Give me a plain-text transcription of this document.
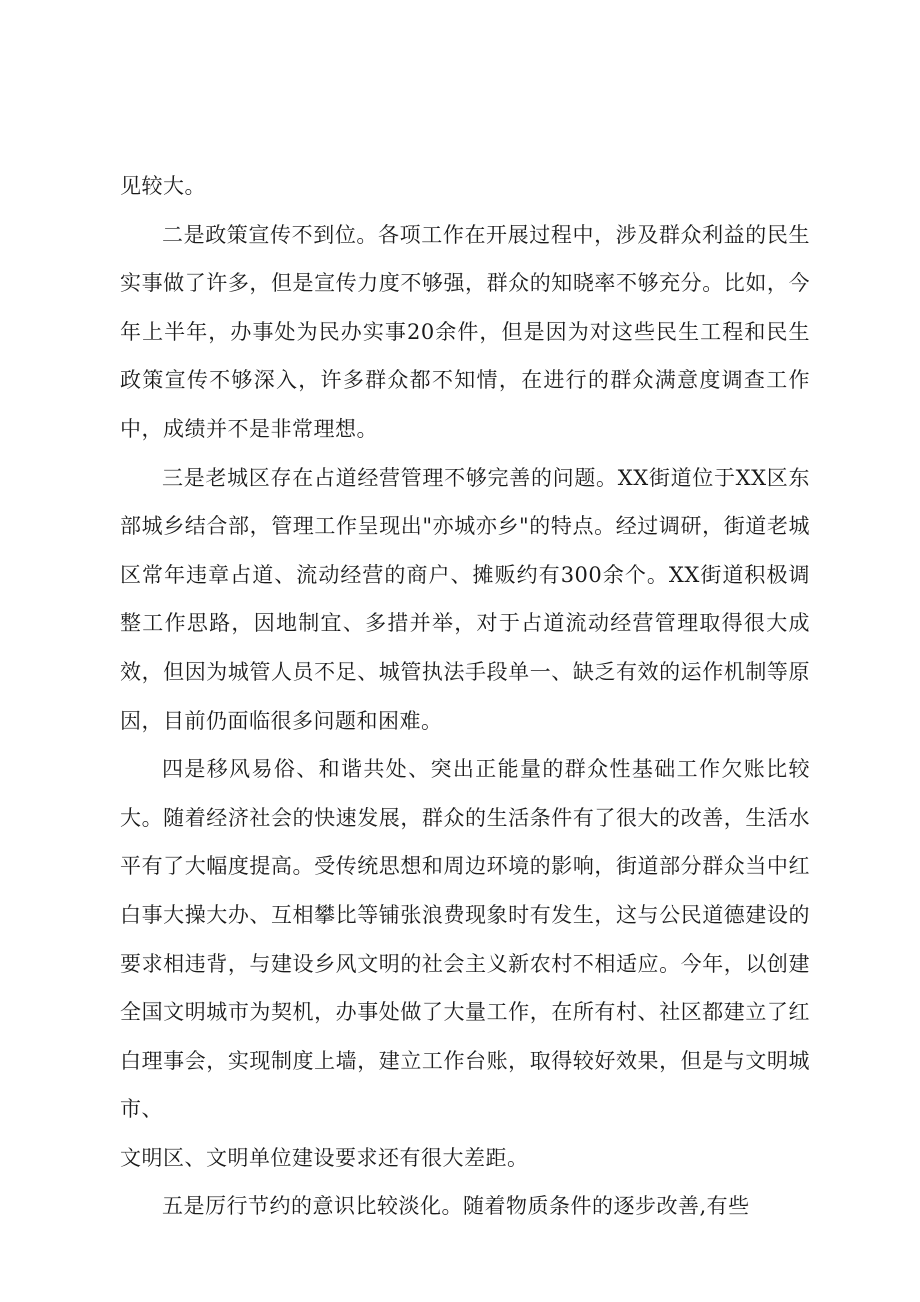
见较大。

二是政策宣传不到位。各项工作在开展过程中，涉及群众利益的民生实事做了许多，但是宣传力度不够强，群众的知晓率不够充分。比如，今年上半年，办事处为民办实事20余件，但是因为对这些民生工程和民生政策宣传不够深入，许多群众都不知情，在进行的群众满意度调查工作中，成绩并不是非常理想。

三是老城区存在占道经营管理不够完善的问题。XX街道位于XX区东部城乡结合部，管理工作呈现出"亦城亦乡"的特点。经过调研，街道老城区常年违章占道、流动经营的商户、摊贩约有300余个。XX街道积极调整工作思路，因地制宜、多措并举，对于占道流动经营管理取得很大成效，但因为城管人员不足、城管执法手段单一、缺乏有效的运作机制等原因，目前仍面临很多问题和困难。

四是移风易俗、和谐共处、突出正能量的群众性基础工作欠账比较大。随着经济社会的快速发展，群众的生活条件有了很大的改善，生活水平有了大幅度提高。受传统思想和周边环境的影响，街道部分群众当中红白事大操大办、互相攀比等铺张浪费现象时有发生，这与公民道德建设的要求相违背，与建设乡风文明的社会主义新农村不相适应。今年，以创建全国文明城市为契机，办事处做了大量工作，在所有村、社区都建立了红白理事会，实现制度上墙，建立工作台账，取得较好效果，但是与文明城市、

文明区、文明单位建设要求还有很大差距。

五是厉行节约的意识比较淡化。随着物质条件的逐步改善,有些
